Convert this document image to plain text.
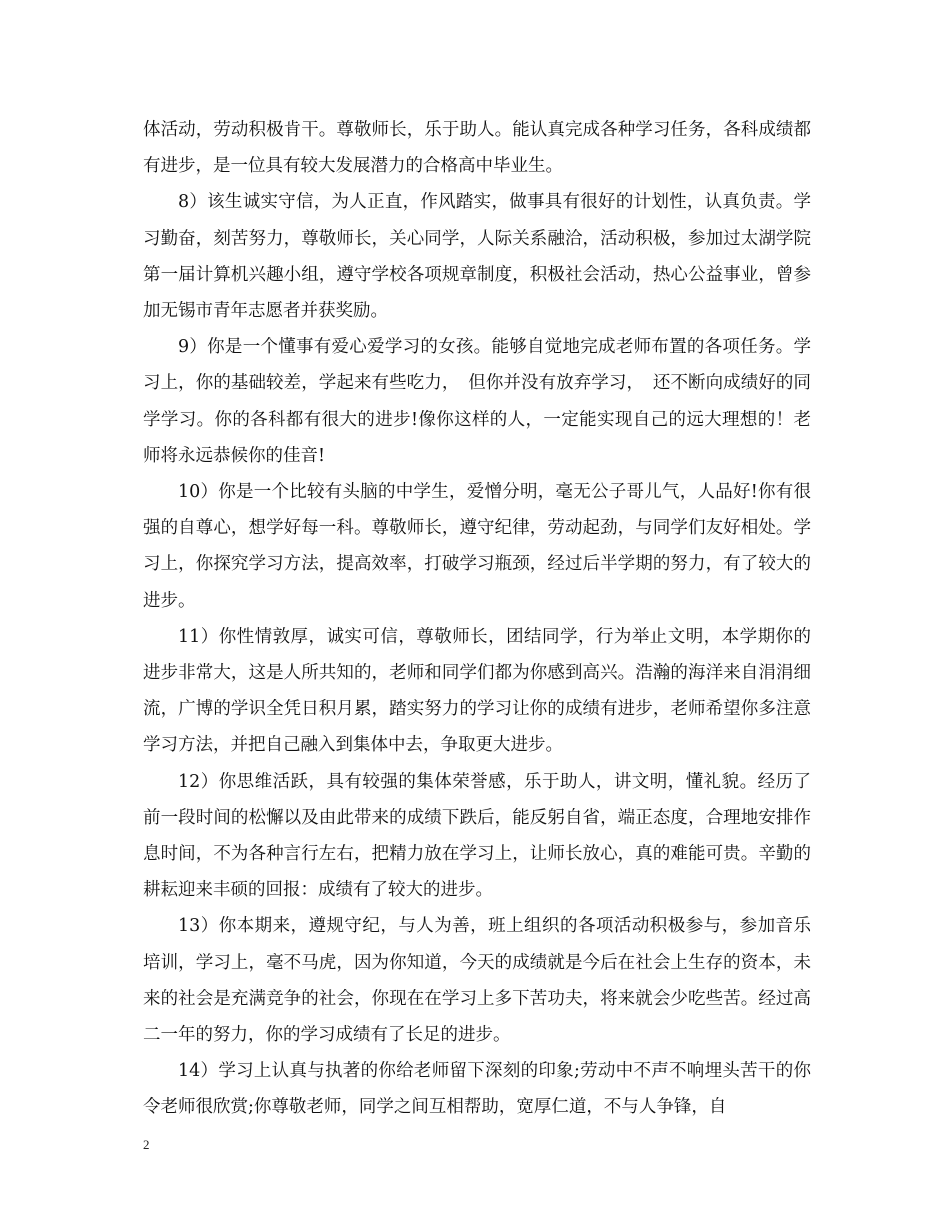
体活动，劳动积极肯干。尊敬师长，乐于助人。能认真完成各种学习任务，各科成绩都有进步，是一位具有较大发展潜力的合格高中毕业生。

8）该生诚实守信，为人正直，作风踏实，做事具有很好的计划性，认真负责。学习勤奋，刻苦努力，尊敬师长，关心同学，人际关系融洽，活动积极，参加过太湖学院第一届计算机兴趣小组，遵守学校各项规章制度，积极社会活动，热心公益事业，曾参加无锡市青年志愿者并获奖励。

9）你是一个懂事有爱心爱学习的女孩。能够自觉地完成老师布置的各项任务。学习上，你的基础较差，学起来有些吃力，　但你并没有放弃学习，　还不断向成绩好的同学学习。你的各科都有很大的进步!像你这样的人，一定能实现自己的远大理想的！老师将永远恭候你的佳音!

10）你是一个比较有头脑的中学生，爱憎分明，毫无公子哥儿气，人品好!你有很强的自尊心，想学好每一科。尊敬师长，遵守纪律，劳动起劲，与同学们友好相处。学习上，你探究学习方法，提高效率，打破学习瓶颈，经过后半学期的努力，有了较大的进步。

11）你性情敦厚，诚实可信，尊敬师长，团结同学，行为举止文明，本学期你的进步非常大，这是人所共知的，老师和同学们都为你感到高兴。浩瀚的海洋来自涓涓细流，广博的学识全凭日积月累，踏实努力的学习让你的成绩有进步，老师希望你多注意学习方法，并把自己融入到集体中去，争取更大进步。

12）你思维活跃，具有较强的集体荣誉感，乐于助人，讲文明，懂礼貌。经历了前一段时间的松懈以及由此带来的成绩下跌后，能反躬自省，端正态度，合理地安排作息时间，不为各种言行左右，把精力放在学习上，让师长放心，真的难能可贵。辛勤的耕耘迎来丰硕的回报：成绩有了较大的进步。

13）你本期来，遵规守纪，与人为善，班上组织的各项活动积极参与，参加音乐培训，学习上，毫不马虎，因为你知道，今天的成绩就是今后在社会上生存的资本，未来的社会是充满竞争的社会，你现在在学习上多下苦功夫，将来就会少吃些苦。经过高二一年的努力，你的学习成绩有了长足的进步。

14）学习上认真与执著的你给老师留下深刻的印象;劳动中不声不响埋头苦干的你令老师很欣赏;你尊敬老师，同学之间互相帮助，宽厚仁道，不与人争锋，自

2
